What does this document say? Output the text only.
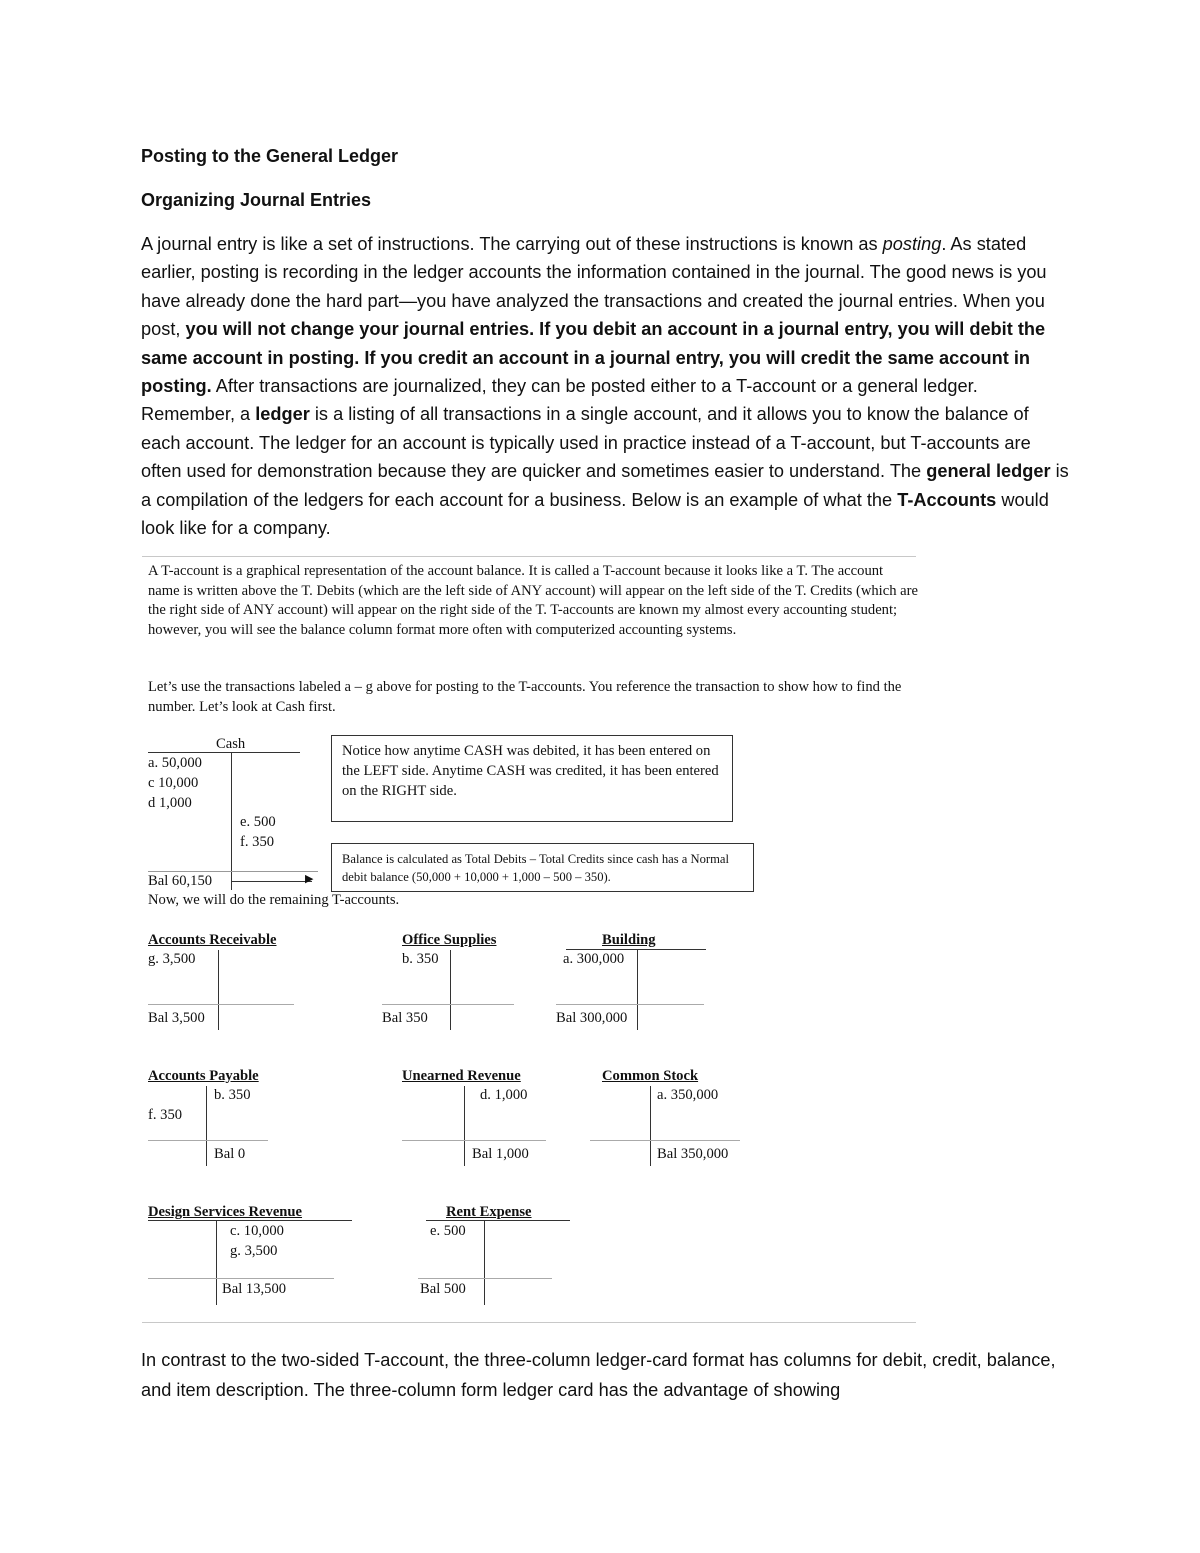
Posting to the General Ledger
Organizing Journal Entries
A journal entry is like a set of instructions. The carrying out of these instructions is known as posting. As stated earlier, posting is recording in the ledger accounts the information contained in the journal. The good news is you have already done the hard part—you have analyzed the transactions and created the journal entries. When you post, you will not change your journal entries. If you debit an account in a journal entry, you will debit the same account in posting. If you credit an account in a journal entry, you will credit the same account in posting. After transactions are journalized, they can be posted either to a T-account or a general ledger. Remember, a ledger is a listing of all transactions in a single account, and it allows you to know the balance of each account. The ledger for an account is typically used in practice instead of a T-account, but T-accounts are often used for demonstration because they are quicker and sometimes easier to understand. The general ledger is a compilation of the ledgers for each account for a business. Below is an example of what the T-Accounts would look like for a company.
A T-account is a graphical representation of the account balance. It is called a T-account because it looks like a T. The account name is written above the T. Debits (which are the left side of ANY account) will appear on the left side of the T. Credits (which are the right side of ANY account) will appear on the right side of the T. T-accounts are known my almost every accounting student; however, you will see the balance column format more often with computerized accounting systems.
Let’s use the transactions labeled a – g above for posting to the T-accounts. You reference the transaction to show how to find the number. Let’s look at Cash first.
Cash
a. 50,000
c 10,000
d 1,000
e. 500
f. 350
Bal 60,150	▶
Notice how anytime CASH was debited, it has been entered on the LEFT side. Anytime CASH was credited, it has been entered on the RIGHT side.
Balance is calculated as Total Debits – Total Credits since cash has a Normal debit balance (50,000 + 10,000 + 1,000 – 500 – 350).
Now, we will do the remaining T-accounts.
Accounts Receivable
g. 3,500
Bal 3,500
Office Supplies
b. 350
Bal 350
Building
a. 300,000
Bal 300,000
Accounts Payable
b. 350
f. 350
Bal 0
Unearned Revenue
d. 1,000
Bal 1,000
Common Stock
a. 350,000
Bal 350,000
Design Services Revenue
c. 10,000
g. 3,500
Bal 13,500
Rent Expense
e. 500
Bal 500
In contrast to the two-sided T-account, the three-column ledger-card format has columns for debit, credit, balance, and item description. The three-column form ledger card has the advantage of showing
